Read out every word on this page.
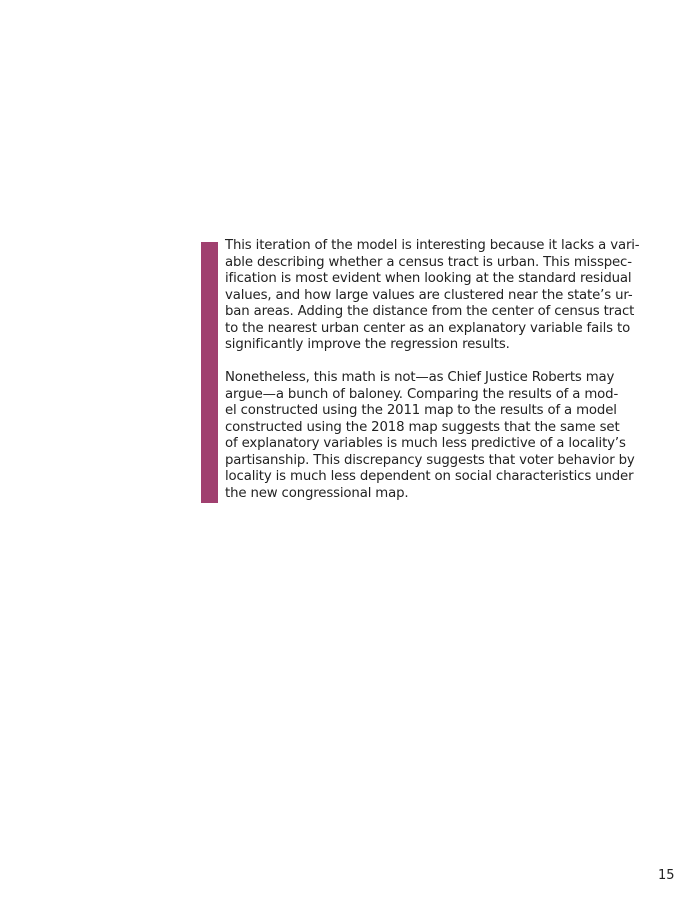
This iteration of the model is interesting because it lacks a vari-
able describing whether a census tract is urban. This misspec-
ification is most evident when looking at the standard residual
values, and how large values are clustered near the state’s ur-
ban areas. Adding the distance from the center of census tract
to the nearest urban center as an explanatory variable fails to
significantly improve the regression results.
Nonetheless, this math is not—as Chief Justice Roberts may
argue—a bunch of baloney. Comparing the results of a mod-
el constructed using the 2011 map to the results of a model
constructed using the 2018 map suggests that the same set
of explanatory variables is much less predictive of a locality’s
partisanship. This discrepancy suggests that voter behavior by
locality is much less dependent on social characteristics under
the new congressional map.
15
